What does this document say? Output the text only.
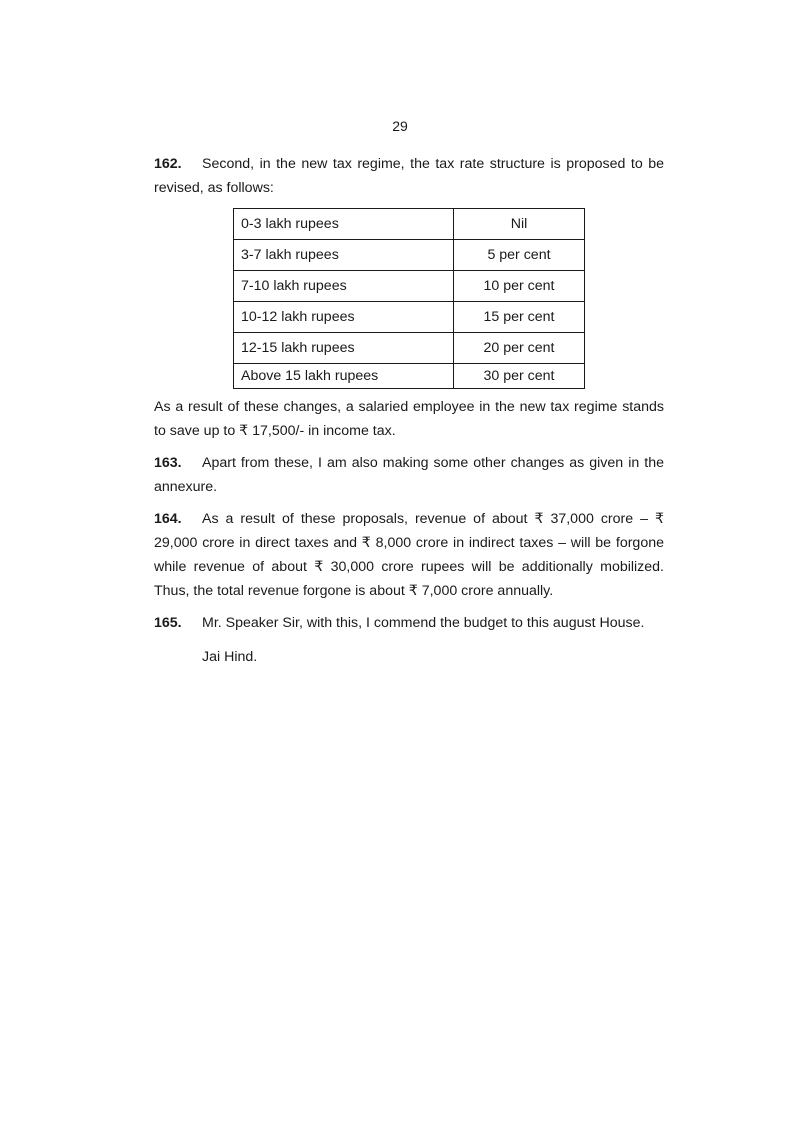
29

162. Second, in the new tax regime, the tax rate structure is proposed to be revised, as follows:

0-3 lakh rupees	Nil
3-7 lakh rupees	5 per cent
7-10 lakh rupees	10 per cent
10-12 lakh rupees	15 per cent
12-15 lakh rupees	20 per cent
Above 15 lakh rupees	30 per cent

As a result of these changes, a salaried employee in the new tax regime stands to save up to ₹ 17,500/- in income tax.

163. Apart from these, I am also making some other changes as given in the annexure.

164. As a result of these proposals, revenue of about ₹ 37,000 crore – ₹ 29,000 crore in direct taxes and ₹ 8,000 crore in indirect taxes – will be forgone while revenue of about ₹ 30,000 crore rupees will be additionally mobilized. Thus, the total revenue forgone is about ₹ 7,000 crore annually.

165. Mr. Speaker Sir, with this, I commend the budget to this august House.

Jai Hind.
